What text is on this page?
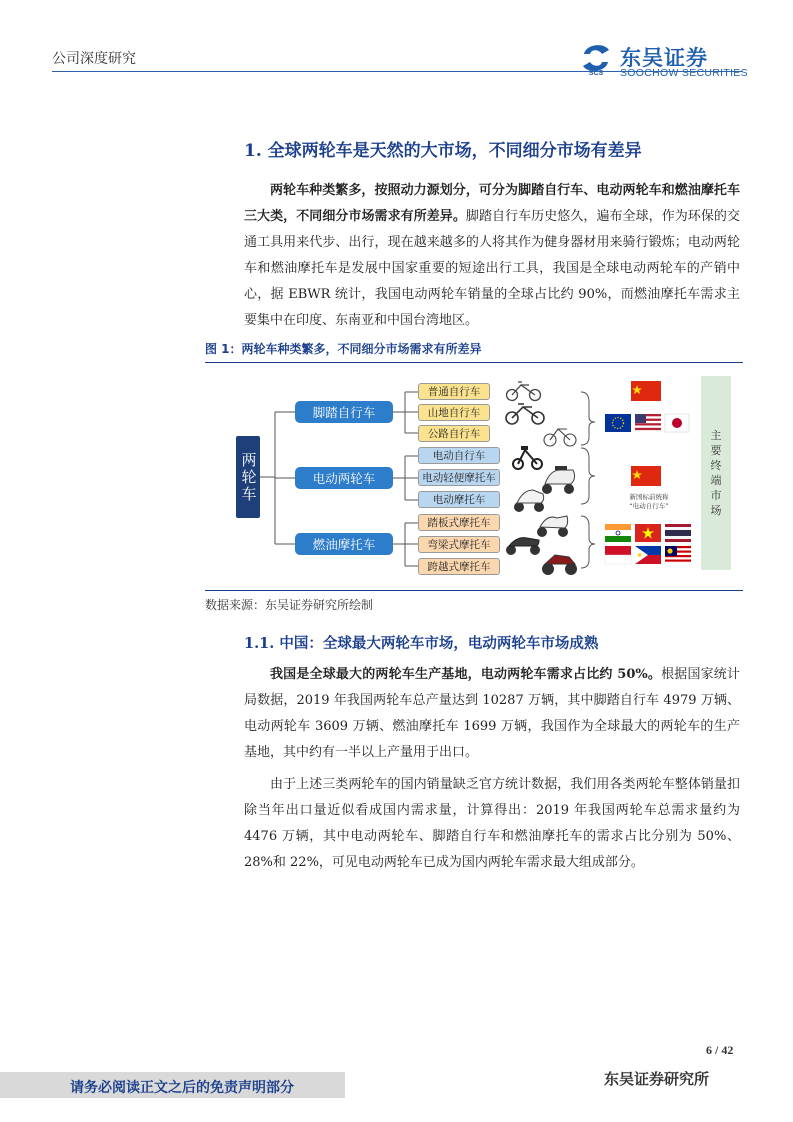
公司深度研究
SCS
东吴证券
SOOCHOW SECURITIES
1. 全球两轮车是天然的大市场，不同细分市场有差异
两轮车种类繁多，按照动力源划分，可分为脚踏自行车、电动两轮车和燃油摩托车三大类，不同细分市场需求有所差异。脚踏自行车历史悠久，遍布全球，作为环保的交通工具用来代步、出行，现在越来越多的人将其作为健身器材用来骑行锻炼；电动两轮车和燃油摩托车是发展中国家重要的短途出行工具，我国是全球电动两轮车的产销中心，据 EBWR 统计，我国电动两轮车销量的全球占比约 90%，而燃油摩托车需求主要集中在印度、东南亚和中国台湾地区。
图 1：两轮车种类繁多，不同细分市场需求有所差异
两轮车
脚踏自行车
电动两轮车
燃油摩托车
普通自行车
山地自行车
公路自行车
电动自行车
电动轻便摩托车
电动摩托车
踏板式摩托车
弯梁式摩托车
跨越式摩托车
新国标前统称
“电动自行车”
主
要
终
端
市
场
数据来源：东吴证券研究所绘制
1.1. 中国：全球最大两轮车市场，电动两轮车市场成熟
我国是全球最大的两轮车生产基地，电动两轮车需求占比约 50%。根据国家统计局数据，2019 年我国两轮车总产量达到 10287 万辆，其中脚踏自行车 4979 万辆、电动两轮车 3609 万辆、燃油摩托车 1699 万辆，我国作为全球最大的两轮车的生产基地，其中约有一半以上产量用于出口。
由于上述三类两轮车的国内销量缺乏官方统计数据，我们用各类两轮车整体销量扣除当年出口量近似看成国内需求量，计算得出：2019 年我国两轮车总需求量约为 4476 万辆，其中电动两轮车、脚踏自行车和燃油摩托车的需求占比分别为 50%、28%和 22%，可见电动两轮车已成为国内两轮车需求最大组成部分。
6 / 42
请务必阅读正文之后的免责声明部分	东吴证券研究所
